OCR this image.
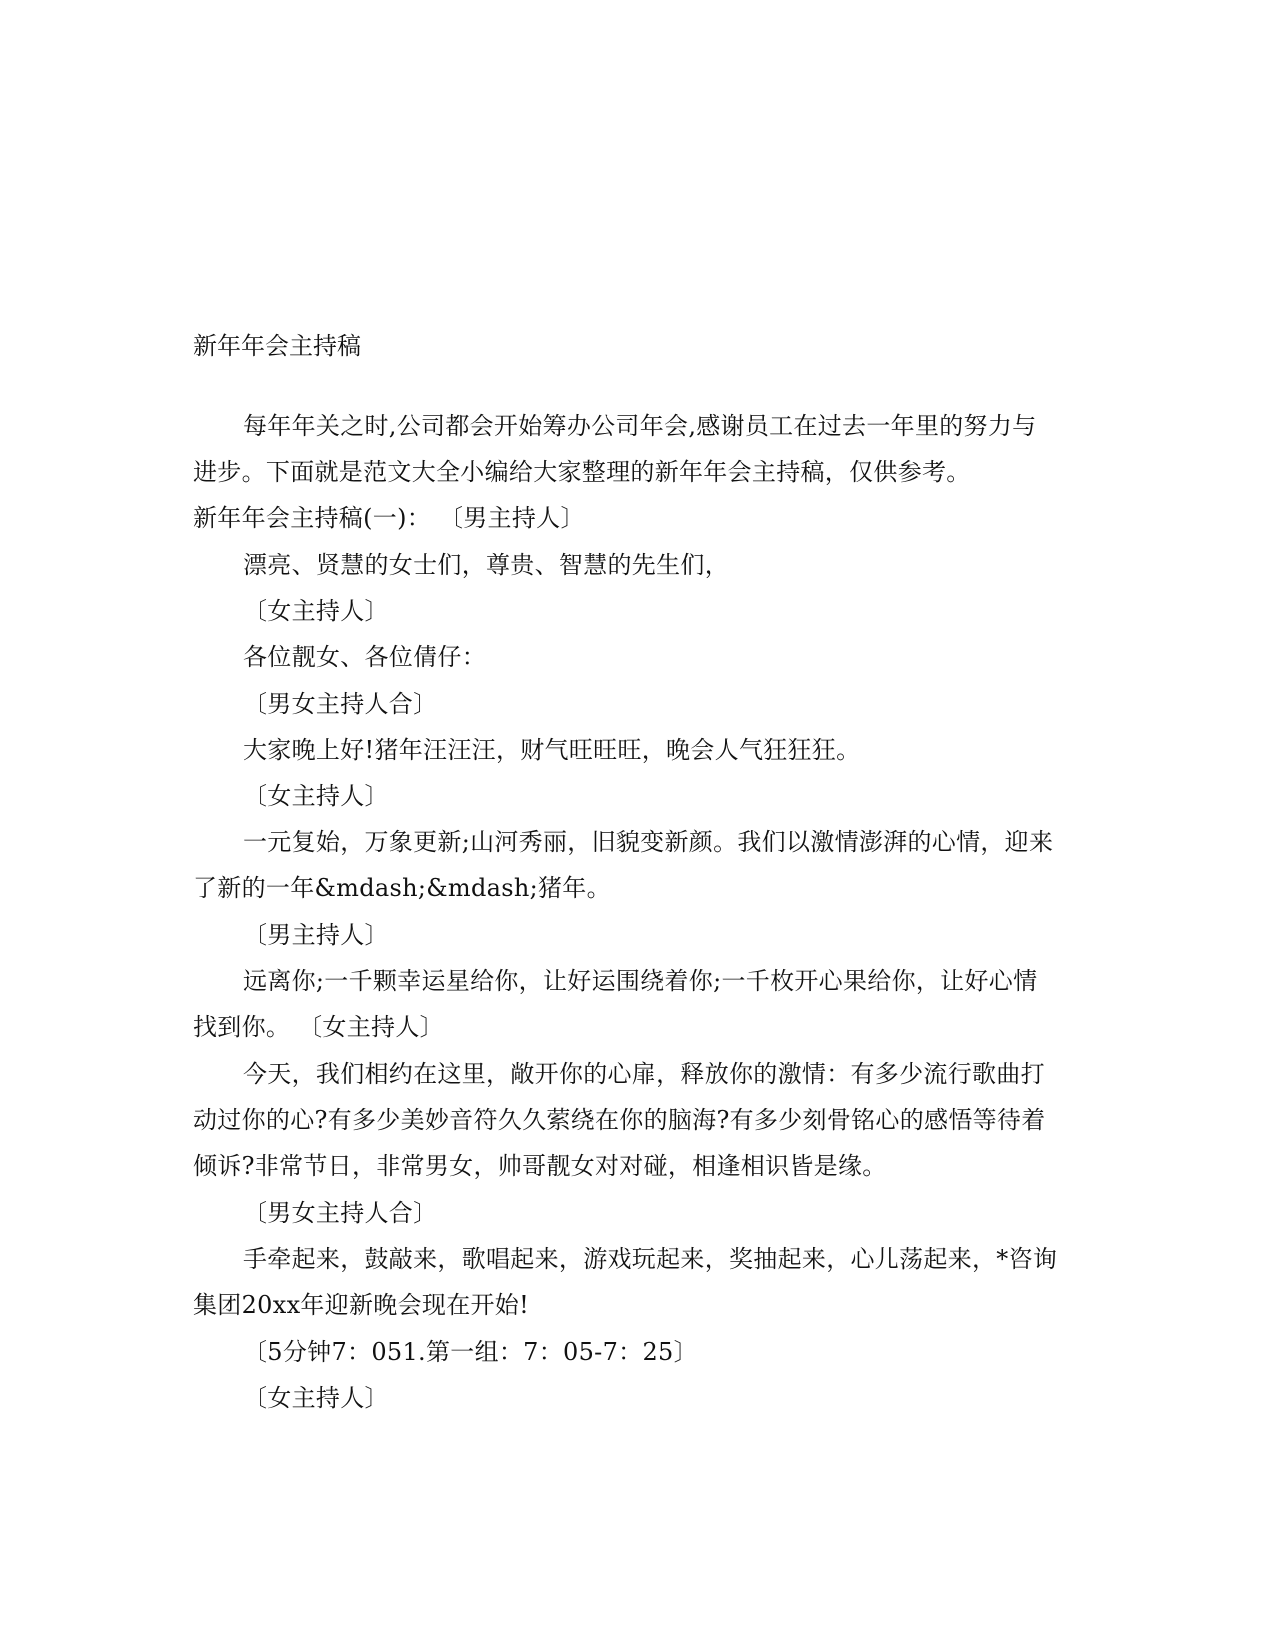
新年年会主持稿
每年年关之时,公司都会开始筹办公司年会,感谢员工在过去一年里的努力与
进步。下面就是范文大全小编给大家整理的新年年会主持稿，仅供参考。
新年年会主持稿(一)： 〔男主持人〕
漂亮、贤慧的女士们，尊贵、智慧的先生们，
〔女主持人〕
各位靓女、各位倩仔：
〔男女主持人合〕
大家晚上好!猪年汪汪汪，财气旺旺旺，晚会人气狂狂狂。
〔女主持人〕
一元复始，万象更新;山河秀丽，旧貌变新颜。我们以激情澎湃的心情，迎来
了新的一年&mdash;&mdash;猪年。
〔男主持人〕
远离你;一千颗幸运星给你，让好运围绕着你;一千枚开心果给你，让好心情
找到你。 〔女主持人〕
今天，我们相约在这里，敞开你的心扉，释放你的激情：有多少流行歌曲打
动过你的心?有多少美妙音符久久萦绕在你的脑海?有多少刻骨铭心的感悟等待着
倾诉?非常节日，非常男女，帅哥靓女对对碰，相逢相识皆是缘。
〔男女主持人合〕
手牵起来，鼓敲来，歌唱起来，游戏玩起来，奖抽起来，心儿荡起来，*咨询
集团20xx年迎新晚会现在开始!
〔5分钟7：051.第一组：7：05-7：25〕
〔女主持人〕
